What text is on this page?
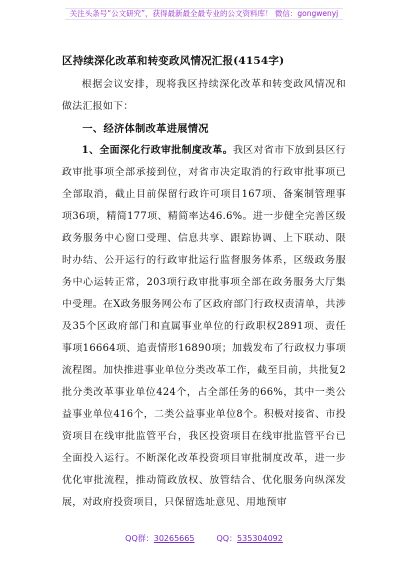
关注头条号“公文研究”，获得最新最全最专业的公文资料库！ 微信：gongwenyj
区持续深化改革和转变政风情况汇报(4154字)

根据会议安排，现将我区持续深化改革和转变政风情况和做法汇报如下：

一、经济体制改革进展情况

1、全面深化行政审批制度改革。我区对省市下放到县区行政审批事项全部承接到位，对省市决定取消的行政审批事项已全部取消，截止目前保留行政许可项目167项、备案制管理事项36项，精简177项、精简率达46.6%。进一步健全完善区级政务服务中心窗口受理、信息共享、跟踪协调、上下联动、限时办结、公开运行的行政审批运行监督服务体系，区级政务服务中心运转正常，203项行政审批事项全部在政务服务大厅集中受理。在X政务服务网公布了区政府部门行政权责清单，共涉及35个区政府部门和直属事业单位的行政职权2891项、责任事项16664项、追责情形16890项；加载发布了行政权力事项流程图。加快推进事业单位分类改革工作，截至目前，共批复2批分类改革事业单位424个，占全部任务的66%，其中一类公益事业单位416个，二类公益事业单位8个。积极对接省、市投资项目在线审批监管平台，我区投资项目在线审批监管平台已全面投入运行。不断深化改革投资项目审批制度改革，进一步优化审批流程，推动简政放权、放管结合、优化服务向纵深发展，对政府投资项目，只保留选址意见、用地预审

QQ群：30265665	QQ：535304092
